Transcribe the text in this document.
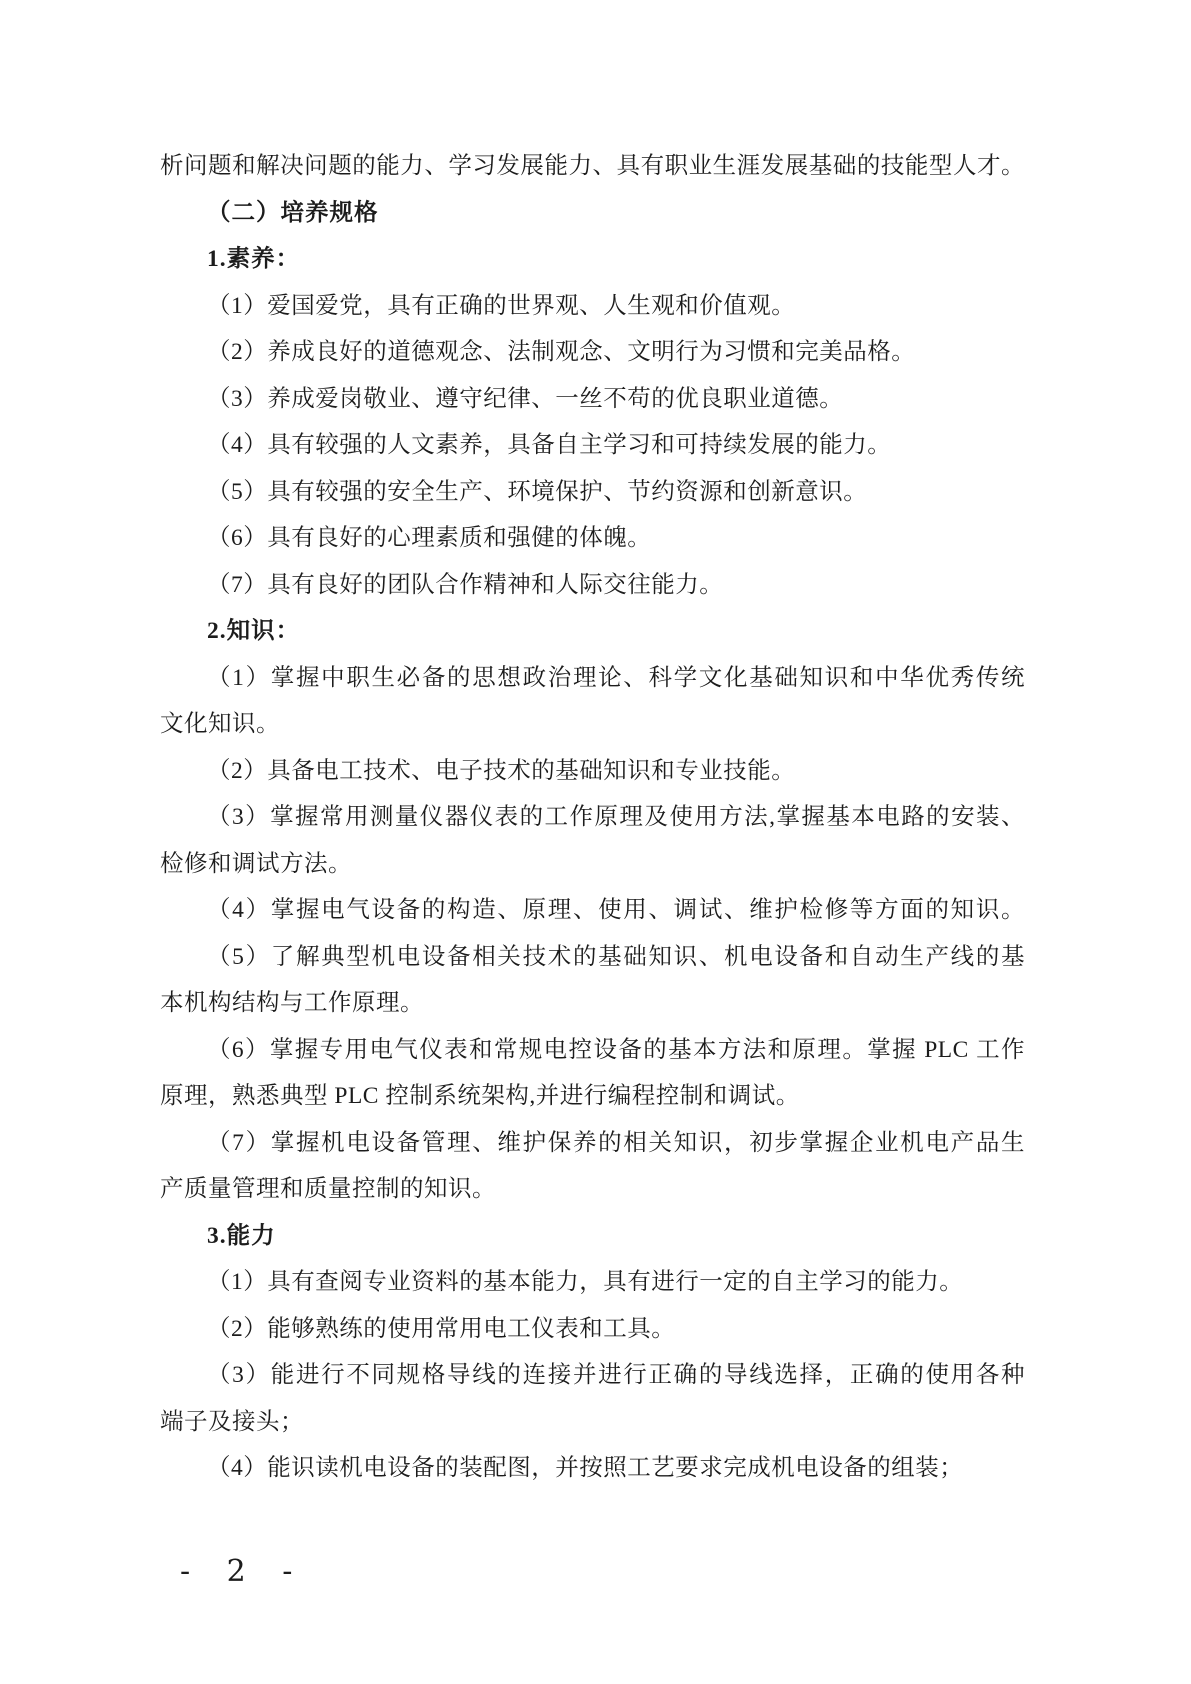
析问题和解决问题的能力、学习发展能力、具有职业生涯发展基础的技能型人才。
（二）培养规格
1.素养：
（1）爱国爱党，具有正确的世界观、人生观和价值观。
（2）养成良好的道德观念、法制观念、文明行为习惯和完美品格。
（3）养成爱岗敬业、遵守纪律、一丝不苟的优良职业道德。
（4）具有较强的人文素养，具备自主学习和可持续发展的能力。
（5）具有较强的安全生产、环境保护、节约资源和创新意识。
（6）具有良好的心理素质和强健的体魄。
（7）具有良好的团队合作精神和人际交往能力。
2.知识：
（1）掌握中职生必备的思想政治理论、科学文化基础知识和中华优秀传统
文化知识。
（2）具备电工技术、电子技术的基础知识和专业技能。
（3）掌握常用测量仪器仪表的工作原理及使用方法,掌握基本电路的安装、
检修和调试方法。
（4）掌握电气设备的构造、原理、使用、调试、维护检修等方面的知识。
（5）了解典型机电设备相关技术的基础知识、机电设备和自动生产线的基
本机构结构与工作原理。
（6）掌握专用电气仪表和常规电控设备的基本方法和原理。掌握 PLC 工作
原理，熟悉典型 PLC 控制系统架构,并进行编程控制和调试。
（7）掌握机电设备管理、维护保养的相关知识，初步掌握企业机电产品生
产质量管理和质量控制的知识。
3.能力
（1）具有查阅专业资料的基本能力，具有进行一定的自主学习的能力。
（2）能够熟练的使用常用电工仪表和工具。
（3）能进行不同规格导线的连接并进行正确的导线选择，正确的使用各种
端子及接头；
（4）能识读机电设备的装配图，并按照工艺要求完成机电设备的组装；
- 2 -
